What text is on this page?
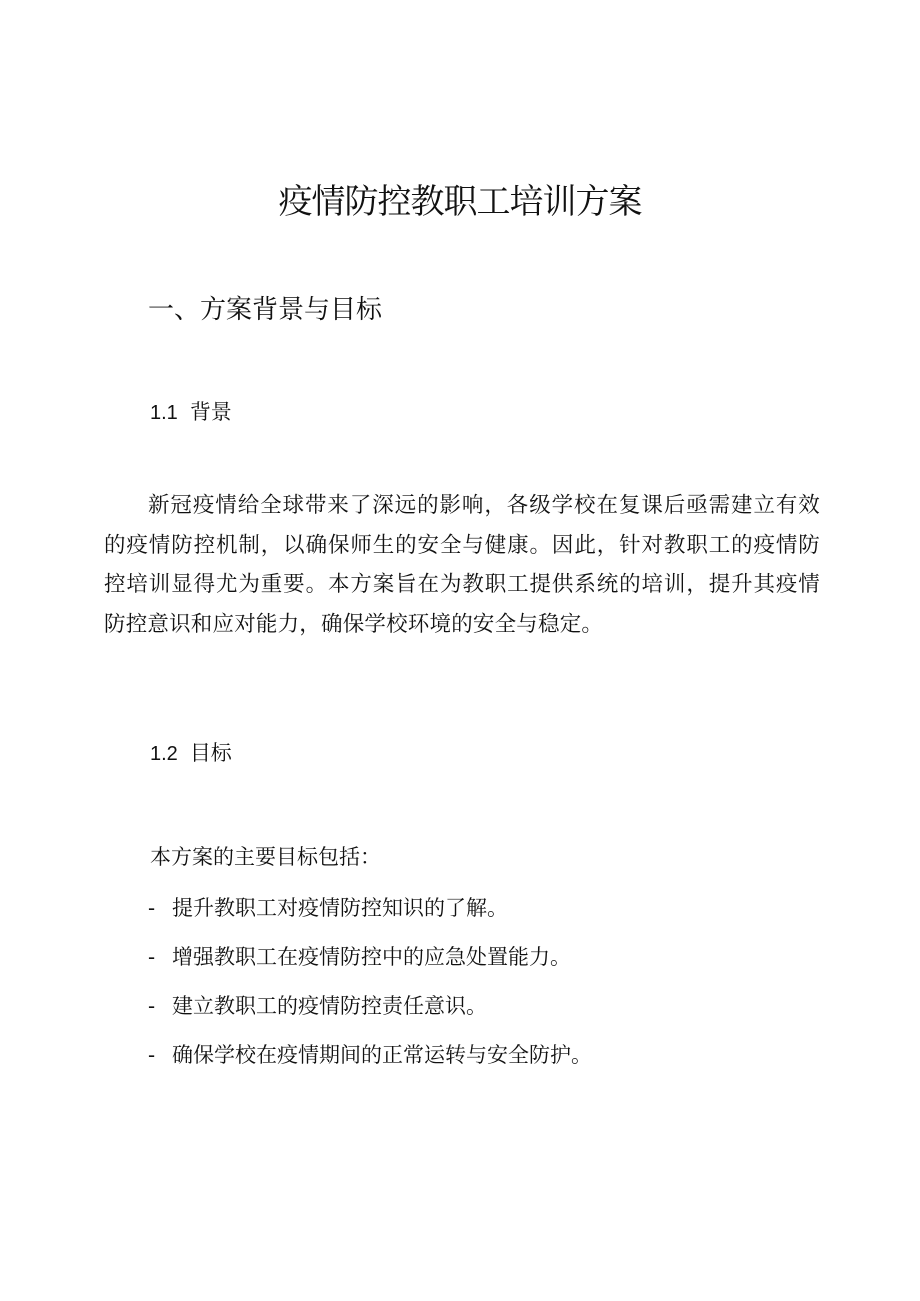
疫情防控教职工培训方案
一、方案背景与目标
1.1 背景

新冠疫情给全球带来了深远的影响，各级学校在复课后亟需建立有效的疫情防控机制，以确保师生的安全与健康。因此，针对教职工的疫情防控培训显得尤为重要。本方案旨在为教职工提供系统的培训，提升其疫情防控意识和应对能力，确保学校环境的安全与稳定。

1.2 目标

本方案的主要目标包括：

- 提升教职工对疫情防控知识的了解。
- 增强教职工在疫情防控中的应急处置能力。
- 建立教职工的疫情防控责任意识。
- 确保学校在疫情期间的正常运转与安全防护。
